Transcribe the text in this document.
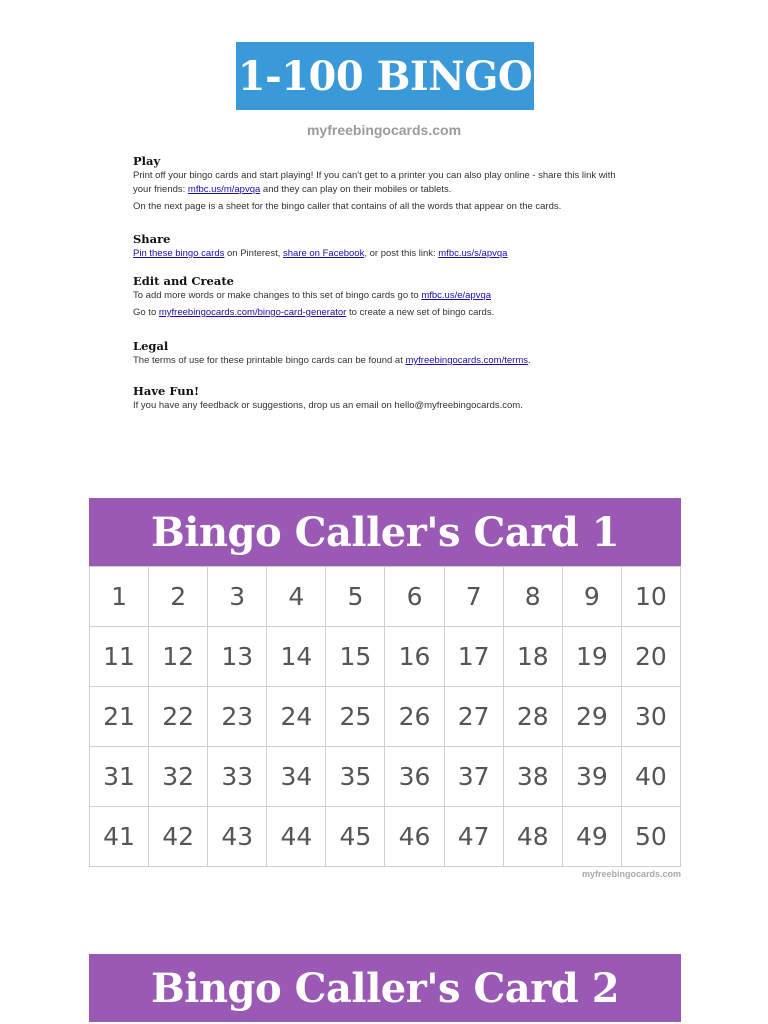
1-100 BINGO
myfreebingocards.com
Play

Print off your bingo cards and start playing! If you can't get to a printer you can also play online - share this link with your friends: mfbc.us/m/apvqa and they can play on their mobiles or tablets.

On the next page is a sheet for the bingo caller that contains of all the words that appear on the cards.

Share

Pin these bingo cards on Pinterest, share on Facebook, or post this link: mfbc.us/s/apvqa

Edit and Create

To add more words or make changes to this set of bingo cards go to mfbc.us/e/apvqa

Go to myfreebingocards.com/bingo-card-generator to create a new set of bingo cards.

Legal

The terms of use for these printable bingo cards can be found at myfreebingocards.com/terms.

Have Fun!

If you have any feedback or suggestions, drop us an email on hello@myfreebingocards.com.

Bingo Caller's Card 1
1	2	3	4	5	6	7	8	9	10
11	12	13	14	15	16	17	18	19	20
21	22	23	24	25	26	27	28	29	30
31	32	33	34	35	36	37	38	39	40
41	42	43	44	45	46	47	48	49	50
myfreebingocards.com
Bingo Caller's Card 2
